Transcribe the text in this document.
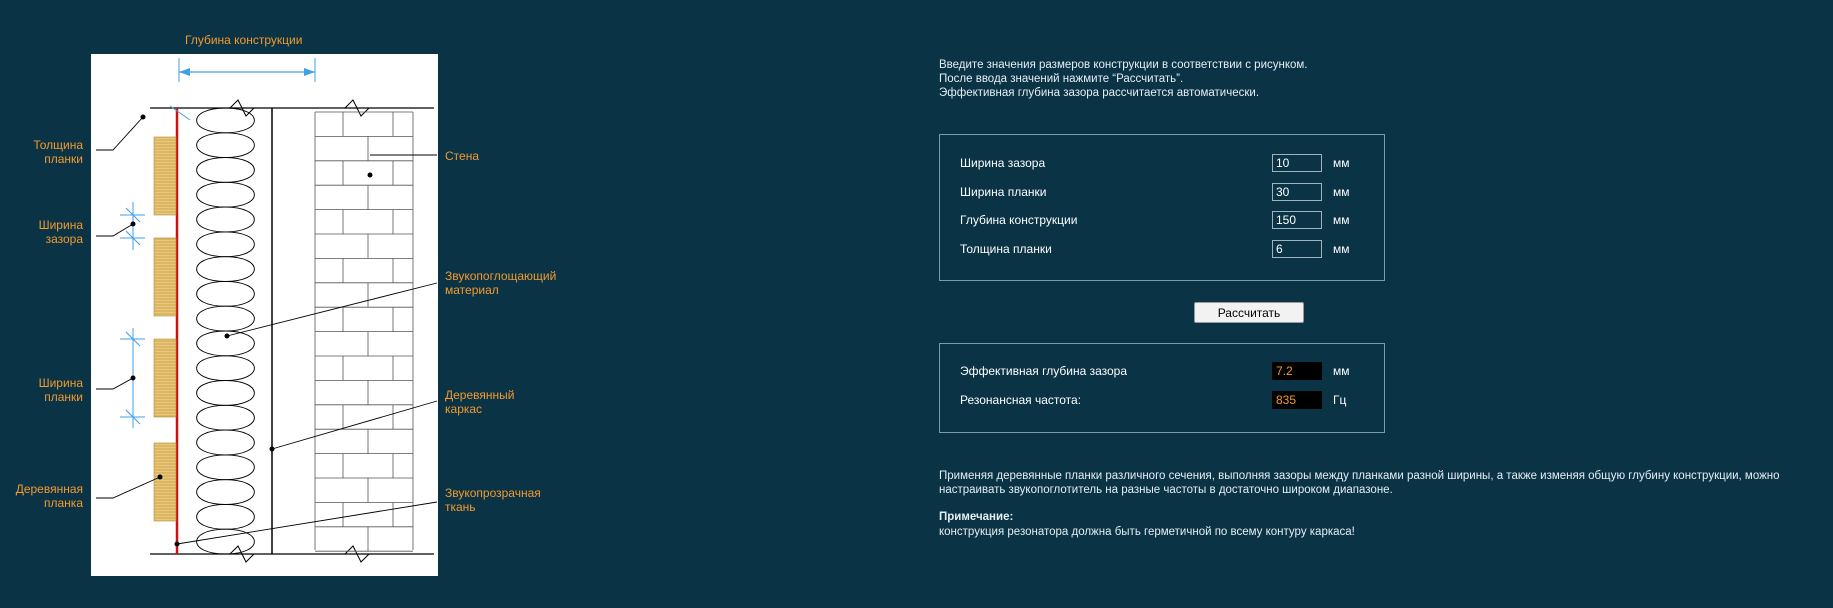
Глубина конструкции
Толщина
планки
Ширина
зазора
Ширина
планки
Деревянная
планка
Стена
Звукопоглощающий
материал
Деревянный
каркас
Звукопрозрачная
ткань
Введите значения размеров конструкции в соответствии с рисунком.
После ввода значений нажмите “Рассчитать”.
Эффективная глубина зазора рассчитается автоматически.
Ширина зазора
10	мм
Ширина планки
30	мм
Глубина конструкции
150	мм
Толщина планки
6	мм
Рассчитать
Эффективная глубина зазора
7.2	мм
Резонансная частота:
835	Гц
Применяя деревянные планки различного сечения, выполняя зазоры между планками разной ширины, а также изменяя общую глубину конструкции, можно настраивать звукопоглотитель на разные частоты в достаточно широком диапазоне.
Примечание:
конструкция резонатора должна быть герметичной по всему контуру каркаса!
